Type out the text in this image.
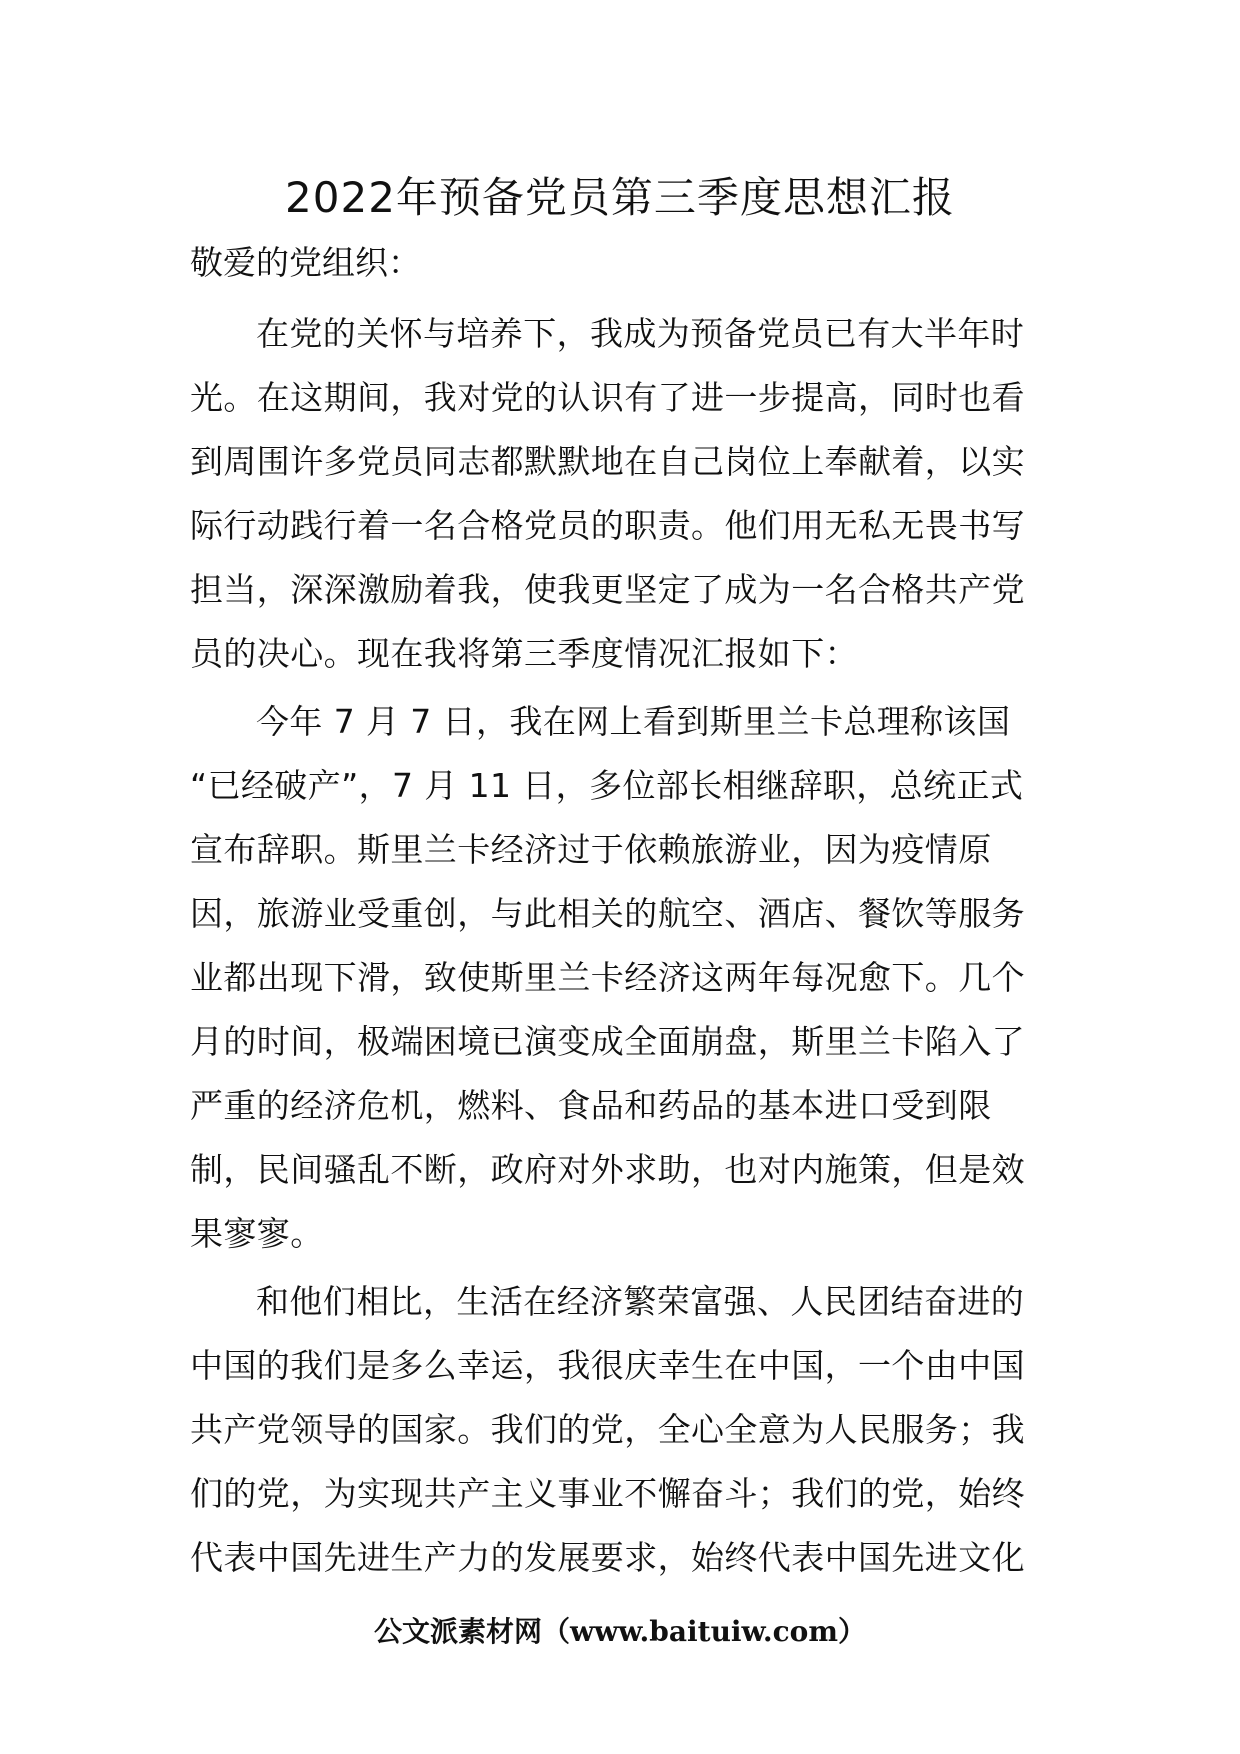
2022年预备党员第三季度思想汇报
敬爱的党组织：
在党的关怀与培养下，我成为预备党员已有大半年时
光。在这期间，我对党的认识有了进一步提高，同时也看
到周围许多党员同志都默默地在自己岗位上奉献着，以实
际行动践行着一名合格党员的职责。他们用无私无畏书写
担当，深深激励着我，使我更坚定了成为一名合格共产党
员的决心。现在我将第三季度情况汇报如下：
今年 7 月 7 日，我在网上看到斯里兰卡总理称该国
“已经破产”，7 月 11 日，多位部长相继辞职，总统正式
宣布辞职。斯里兰卡经济过于依赖旅游业，因为疫情原
因，旅游业受重创，与此相关的航空、酒店、餐饮等服务
业都出现下滑，致使斯里兰卡经济这两年每况愈下。几个
月的时间，极端困境已演变成全面崩盘，斯里兰卡陷入了
严重的经济危机，燃料、食品和药品的基本进口受到限
制，民间骚乱不断，政府对外求助，也对内施策，但是效
果寥寥。
和他们相比，生活在经济繁荣富强、人民团结奋进的
中国的我们是多么幸运，我很庆幸生在中国，一个由中国
共产党领导的国家。我们的党，全心全意为人民服务；我
们的党，为实现共产主义事业不懈奋斗；我们的党，始终
代表中国先进生产力的发展要求，始终代表中国先进文化
公文派素材网（www.baituiw.com）
